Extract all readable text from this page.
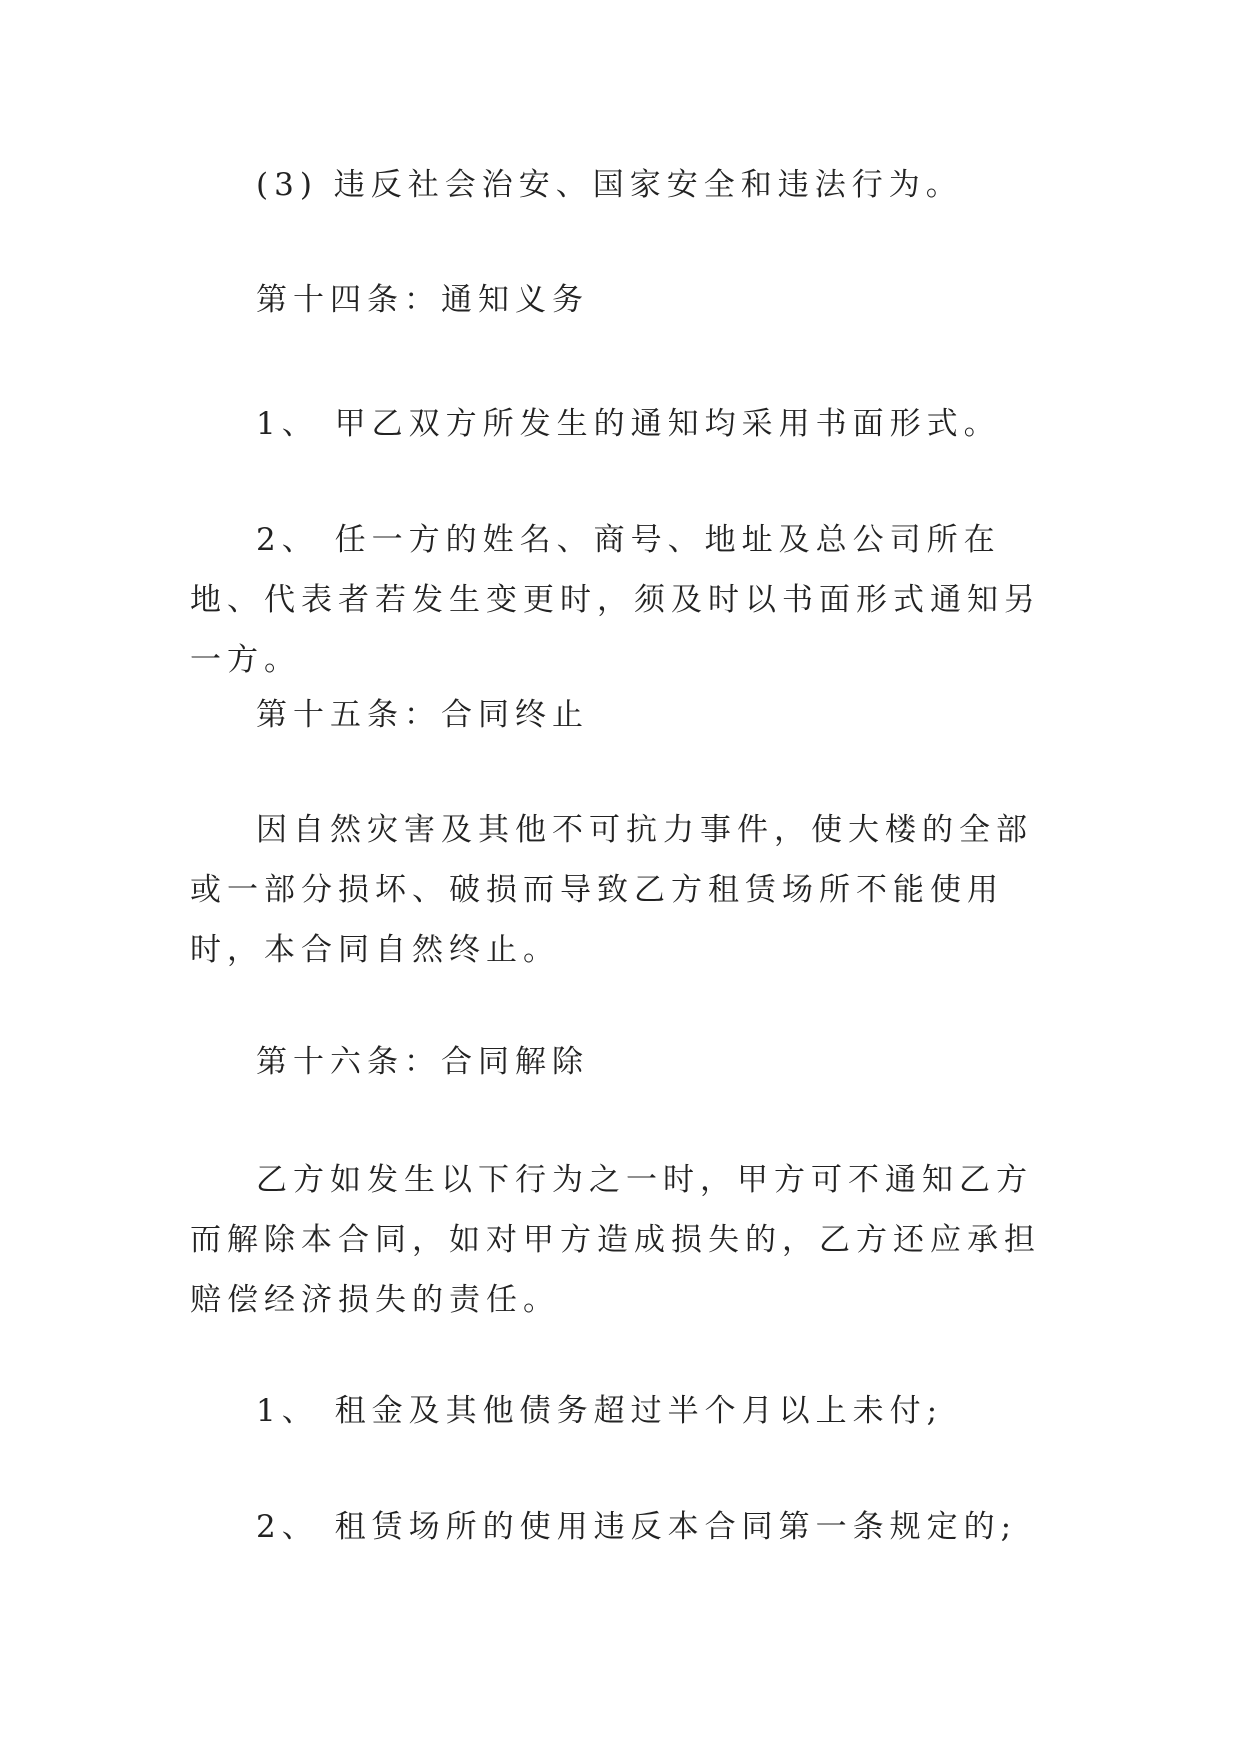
(3) 违反社会治安、国家安全和违法行为。

第十四条：通知义务

1、 甲乙双方所发生的通知均采用书面形式。

2、 任一方的姓名、商号、地址及总公司所在地、代表者若发生变更时，须及时以书面形式通知另一方。

第十五条：合同终止

因自然灾害及其他不可抗力事件，使大楼的全部或一部分损坏、破损而导致乙方租赁场所不能使用时，本合同自然终止。

第十六条：合同解除

乙方如发生以下行为之一时，甲方可不通知乙方而解除本合同，如对甲方造成损失的，乙方还应承担赔偿经济损失的责任。

1、 租金及其他债务超过半个月以上未付;

2、 租赁场所的使用违反本合同第一条规定的;
